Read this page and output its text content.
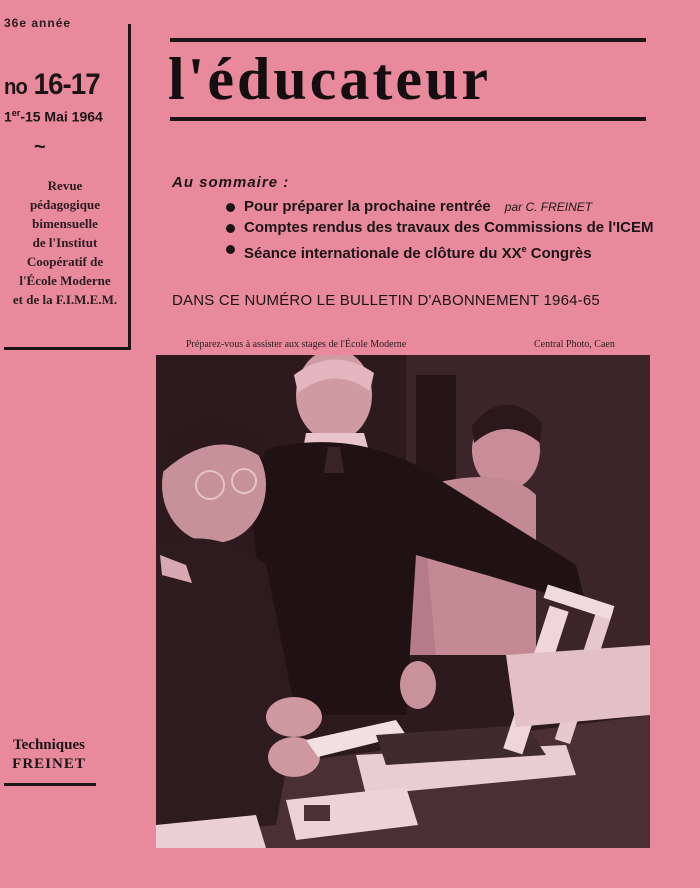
36e année
no 16-17
1er-15 Mai 1964
~
Revue
pédagogique
bimensuelle
de l'Institut
Coopératif de
l'École Moderne
et de la F.I.M.E.M.
l'éducateur
Au sommaire :
Pour préparer la prochaine rentrée par C. FREINET
Comptes rendus des travaux des Commissions de l'ICEM
Séance internationale de clôture du XXe Congrès
DANS CE NUMÉRO LE BULLETIN D'ABONNEMENT 1964-65
Préparez-vous à assister aux stages de l'École Moderne	Central Photo, Caen
Techniques
FREINET
